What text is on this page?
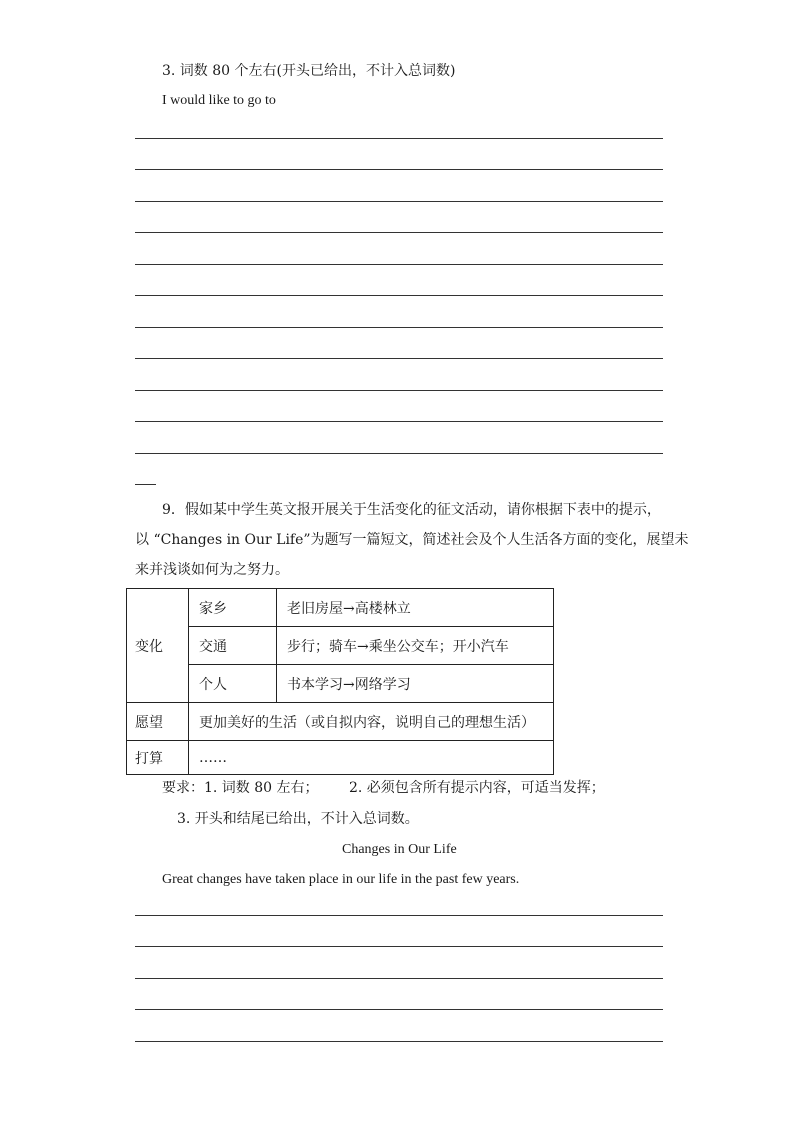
3. 词数 80 个左右(开头已给出，不计入总词数)
I would like to go to
9．假如某中学生英文报开展关于生活变化的征文活动，请你根据下表中的提示，
以 “Changes in Our Life”为题写一篇短文，简述社会及个人生活各方面的变化，展望未
来并浅谈如何为之努力。
变化	家乡	老旧房屋→高楼林立
	交通	步行；骑车→乘坐公交车；开小汽车
	个人	书本学习→网络学习
愿望	更加美好的生活（或自拟内容，说明自己的理想生活）	
打算	……	
要求：1. 词数 80 左右； 2. 必须包含所有提示内容，可适当发挥；
3. 开头和结尾已给出，不计入总词数。
Changes in Our Life
Great changes have taken place in our life in the past few years.
